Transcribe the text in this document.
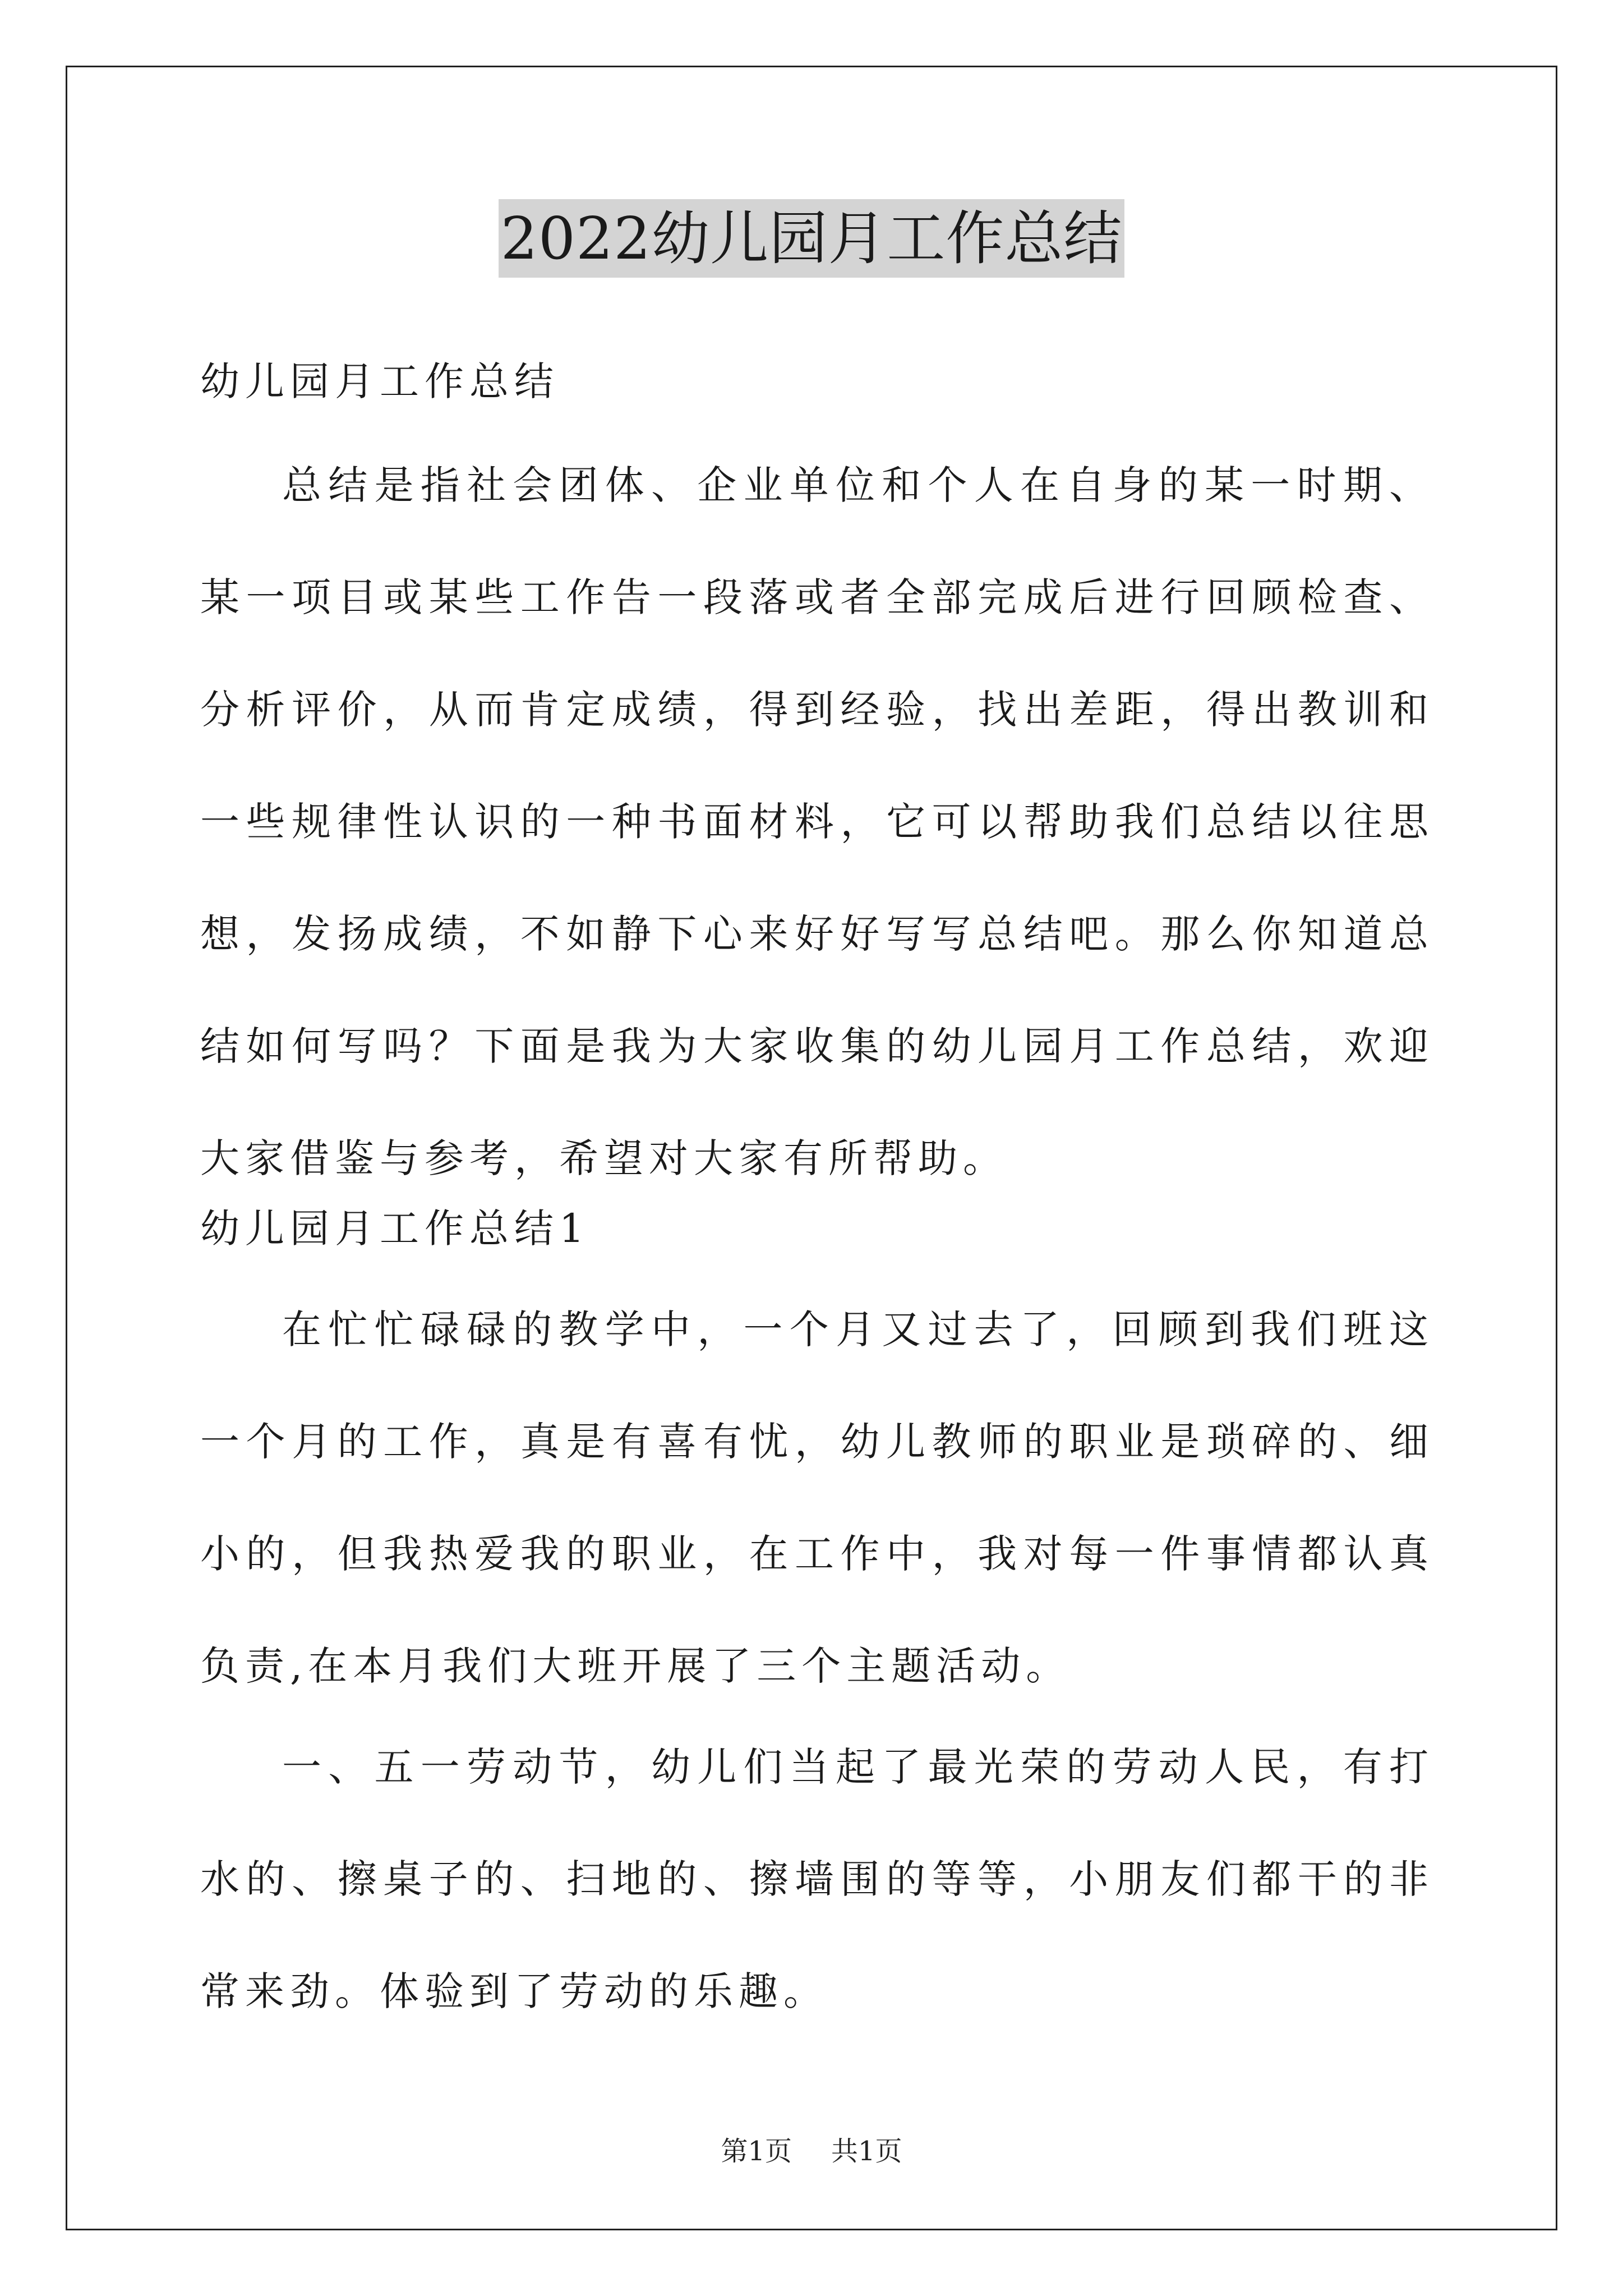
2022幼儿园月工作总结

幼儿园月工作总结

总结是指社会团体、企业单位和个人在自身的某一时期、某一项目或某些工作告一段落或者全部完成后进行回顾检查、分析评价，从而肯定成绩，得到经验，找出差距，得出教训和一些规律性认识的一种书面材料，它可以帮助我们总结以往思想，发扬成绩，不如静下心来好好写写总结吧。那么你知道总结如何写吗？下面是我为大家收集的幼儿园月工作总结，欢迎大家借鉴与参考，希望对大家有所帮助。

幼儿园月工作总结1

在忙忙碌碌的教学中，一个月又过去了，回顾到我们班这一个月的工作，真是有喜有忧，幼儿教师的职业是琐碎的、细小的，但我热爱我的职业，在工作中，我对每一件事情都认真负责,在本月我们大班开展了三个主题活动。

一、五一劳动节，幼儿们当起了最光荣的劳动人民，有打水的、擦桌子的、扫地的、擦墙围的等等，小朋友们都干的非常来劲。体验到了劳动的乐趣。

第1页 共1页
